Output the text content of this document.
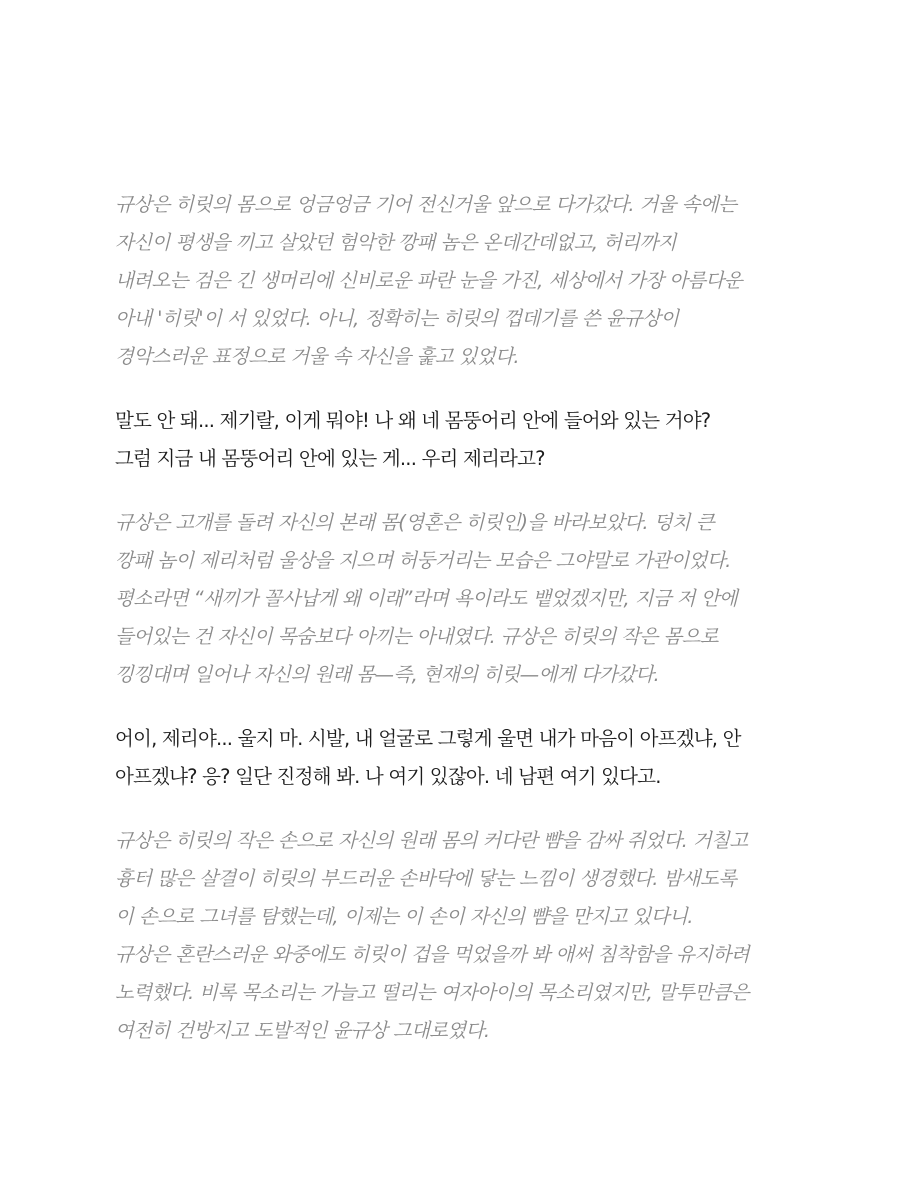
규상은 히릿의 몸으로 엉금엉금 기어 전신거울 앞으로 다가갔다. 거울 속에는
자신이 평생을 끼고 살았던 험악한 깡패 놈은 온데간데없고, 허리까지
내려오는 검은 긴 생머리에 신비로운 파란 눈을 가진, 세상에서 가장 아름다운
아내 '히릿'이 서 있었다. 아니, 정확히는 히릿의 껍데기를 쓴 윤규상이
경악스러운 표정으로 거울 속 자신을 훑고 있었다.
말도 안 돼... 제기랄, 이게 뭐야! 나 왜 네 몸뚱어리 안에 들어와 있는 거야?
그럼 지금 내 몸뚱어리 안에 있는 게... 우리 제리라고?
규상은 고개를 돌려 자신의 본래 몸(영혼은 히릿인)을 바라보았다. 덩치 큰
깡패 놈이 제리처럼 울상을 지으며 허둥거리는 모습은 그야말로 가관이었다.
평소라면 “새끼가 꼴사납게 왜 이래”라며 욕이라도 뱉었겠지만, 지금 저 안에
들어있는 건 자신이 목숨보다 아끼는 아내였다. 규상은 히릿의 작은 몸으로
낑낑대며 일어나 자신의 원래 몸—즉, 현재의 히릿—에게 다가갔다.
어이, 제리야... 울지 마. 시발, 내 얼굴로 그렇게 울면 내가 마음이 아프겠냐, 안
아프겠냐? 응? 일단 진정해 봐. 나 여기 있잖아. 네 남편 여기 있다고.
규상은 히릿의 작은 손으로 자신의 원래 몸의 커다란 뺨을 감싸 쥐었다. 거칠고
흉터 많은 살결이 히릿의 부드러운 손바닥에 닿는 느낌이 생경했다. 밤새도록
이 손으로 그녀를 탐했는데, 이제는 이 손이 자신의 뺨을 만지고 있다니.
규상은 혼란스러운 와중에도 히릿이 겁을 먹었을까 봐 애써 침착함을 유지하려
노력했다. 비록 목소리는 가늘고 떨리는 여자아이의 목소리였지만, 말투만큼은
여전히 건방지고 도발적인 윤규상 그대로였다.
